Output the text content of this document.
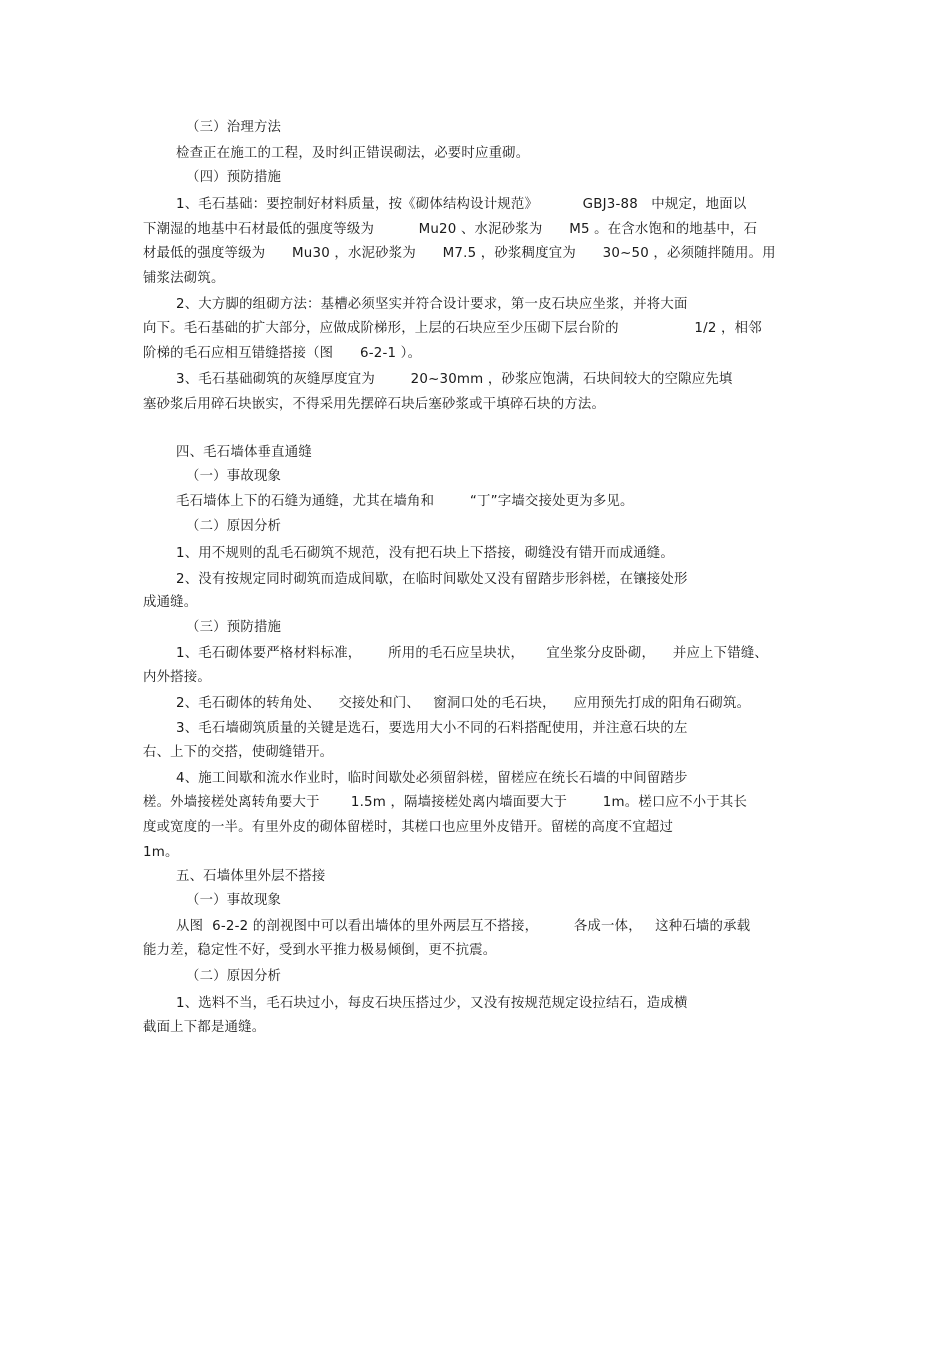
（三）治理方法

检查正在施工的工程，及时纠正错误砌法，必要时应重砌。

（四）预防措施

1、毛石基础：要控制好材料质量，按《砌体结构设计规范》          GBJ3-88   中规定，地面以

下潮湿的地基中石材最低的强度等级为          Mu20 、水泥砂浆为      M5 。在含水饱和的地基中，石

材最低的强度等级为      Mu30 ，水泥砂浆为      M7.5 ，砂浆稠度宜为      30~50 ，必须随拌随用。用

铺浆法砌筑。

2、大方脚的组砌方法：基槽必须坚实并符合设计要求，第一皮石块应坐浆，并将大面

向下。毛石基础的扩大部分，应做成阶梯形，上层的石块应至少压砌下层台阶的                 1/2 ，相邻

阶梯的毛石应相互错缝搭接（图      6-2-1 ）。

3、毛石基础砌筑的灰缝厚度宜为        20~30mm ，砂浆应饱满，石块间较大的空隙应先填

塞砂浆后用碎石块嵌实，不得采用先摆碎石块后塞砂浆或干填碎石块的方法。

四、毛石墙体垂直通缝

（一）事故现象

毛石墙体上下的石缝为通缝，尤其在墙角和        “丁”字墙交接处更为多见。

（二）原因分析

1、用不规则的乱毛石砌筑不规范，没有把石块上下搭接，砌缝没有错开而成通缝。

2、没有按规定同时砌筑而造成间歇，在临时间歇处又没有留踏步形斜槎，在镶接处形

成通缝。

（三）预防措施

1、毛石砌体要严格材料标准，      所用的毛石应呈块状，     宜坐浆分皮卧砌，    并应上下错缝、

内外搭接。

2、毛石砌体的转角处、    交接处和门、   窗洞口处的毛石块，    应用预先打成的阳角石砌筑。

3、毛石墙砌筑质量的关键是选石，要选用大小不同的石料搭配使用，并注意石块的左

右、上下的交搭，使砌缝错开。

4、施工间歇和流水作业时，临时间歇处必须留斜槎，留槎应在统长石墙的中间留踏步

槎。外墙接槎处离转角要大于       1.5m ，隔墙接槎处离内墙面要大于        1m。槎口应不小于其长

度或宽度的一半。有里外皮的砌体留槎时，其槎口也应里外皮错开。留槎的高度不宜超过

1m。

五、石墙体里外层不搭接

（一）事故现象

从图  6-2-2 的剖视图中可以看出墙体的里外两层互不搭接，        各成一体，   这种石墙的承载

能力差，稳定性不好，受到水平推力极易倾倒，更不抗震。

（二）原因分析

1、选料不当，毛石块过小，每皮石块压搭过少，又没有按规范规定设拉结石，造成横

截面上下都是通缝。
